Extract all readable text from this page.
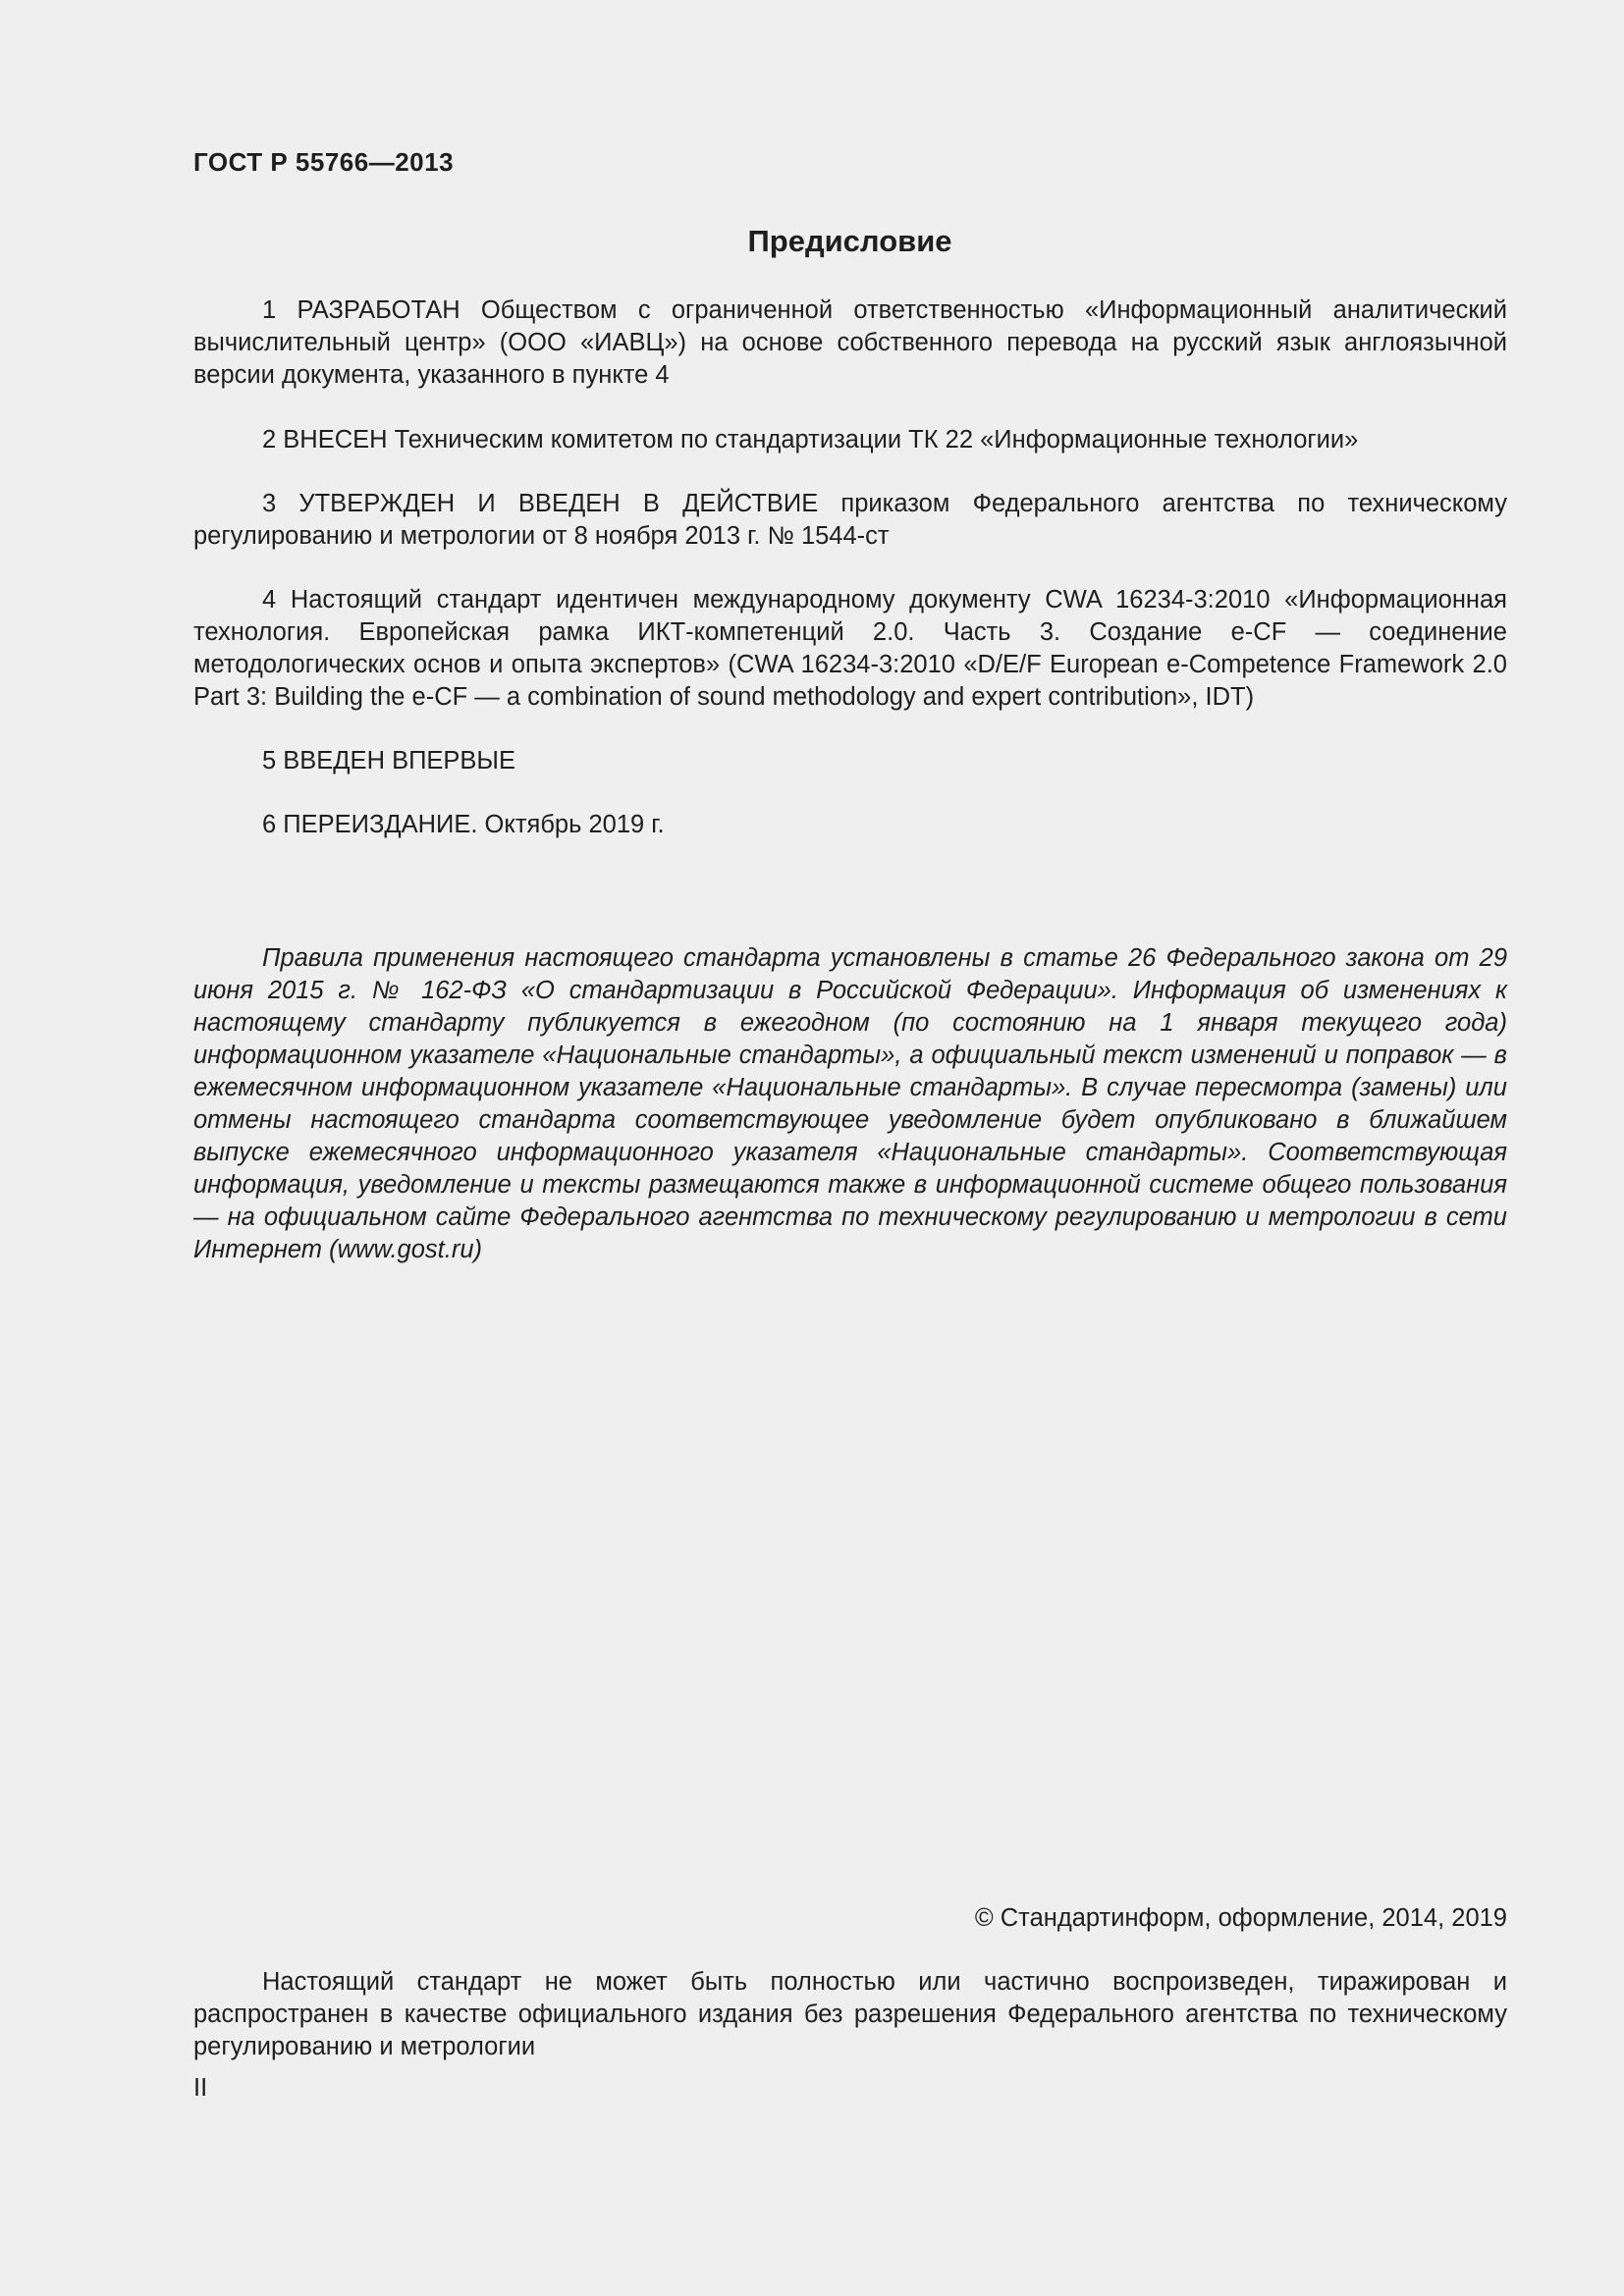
ГОСТ Р 55766—2013
Предисловие

1 РАЗРАБОТАН Обществом с ограниченной ответственностью «Информационный аналитический вычислительный центр» (ООО «ИАВЦ») на основе собственного перевода на русский язык англоязычной версии документа, указанного в пункте 4

2 ВНЕСЕН Техническим комитетом по стандартизации ТК 22 «Информационные технологии»

3 УТВЕРЖДЕН И ВВЕДЕН В ДЕЙСТВИЕ приказом Федерального агентства по техническому регулированию и метрологии от 8 ноября 2013 г. № 1544-ст

4 Настоящий стандарт идентичен международному документу CWA 16234-3:2010 «Информационная технология. Европейская рамка ИКТ-компетенций 2.0. Часть 3. Создание е-CF — соединение методологических основ и опыта экспертов» (CWA 16234-3:2010 «D/E/F European e-Competence Framework 2.0 Part 3: Building the e-CF — a combination of sound methodology and expert contribution», IDT)

5 ВВЕДЕН ВПЕРВЫЕ

6 ПЕРЕИЗДАНИЕ. Октябрь 2019 г.

Правила применения настоящего стандарта установлены в статье 26 Федерального закона от 29 июня 2015 г. № 162-ФЗ «О стандартизации в Российской Федерации». Информация об изменениях к настоящему стандарту публикуется в ежегодном (по состоянию на 1 января текущего года) информационном указателе «Национальные стандарты», а официальный текст изменений и поправок — в ежемесячном информационном указателе «Национальные стандарты». В случае пересмотра (замены) или отмены настоящего стандарта соответствующее уведомление будет опубликовано в ближайшем выпуске ежемесячного информационного указателя «Национальные стандарты». Соответствующая информация, уведомление и тексты размещаются также в информационной системе общего пользования — на официальном сайте Федерального агентства по техническому регулированию и метрологии в сети Интернет (www.gost.ru)

© Стандартинформ, оформление, 2014, 2019

Настоящий стандарт не может быть полностью или частично воспроизведен, тиражирован и распространен в качестве официального издания без разрешения Федерального агентства по техническому регулированию и метрологии

II
